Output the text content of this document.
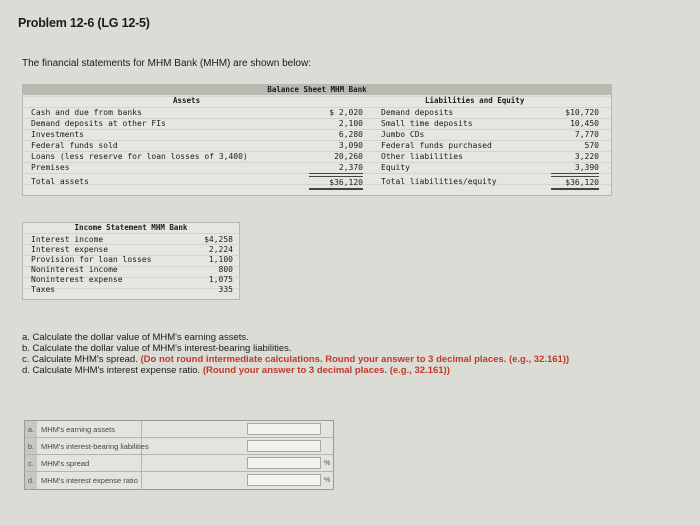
Problem 12-6 (LG 12-5)
The financial statements for MHM Bank (MHM) are shown below:
Balance Sheet MHM Bank
Assets	Liabilities and Equity
Cash and due from banks	$ 2,020 Demand deposits	$10,720
Demand deposits at other FIs	2,100 Small time deposits	10,450
Investments	6,280 Jumbo CDs	7,770
Federal funds sold	3,090 Federal funds purchased	570
Loans (less reserve for loan losses of 3,400)	20,260 Other liabilities	3,220
Premises	2,370 Equity	3,390
Total assets	$36,120 Total liabilities/equity	$36,120
Income Statement MHM Bank
Interest income	$4,258
Interest expense	2,224
Provision for loan losses	1,100
Noninterest income	800
Noninterest expense	1,075
Taxes	335
a. Calculate the dollar value of MHM's earning assets.
b. Calculate the dollar value of MHM's interest-bearing liabilities.
c. Calculate MHM's spread. (Do not round intermediate calculations. Round your answer to 3 decimal places. (e.g., 32.161))
d. Calculate MHM's interest expense ratio. (Round your answer to 3 decimal places. (e.g., 32.161))
a. MHM's earning assets
b. MHM's interest-bearing liabilities
c. MHM's spread	%
d. MHM's interest expense ratio	%
